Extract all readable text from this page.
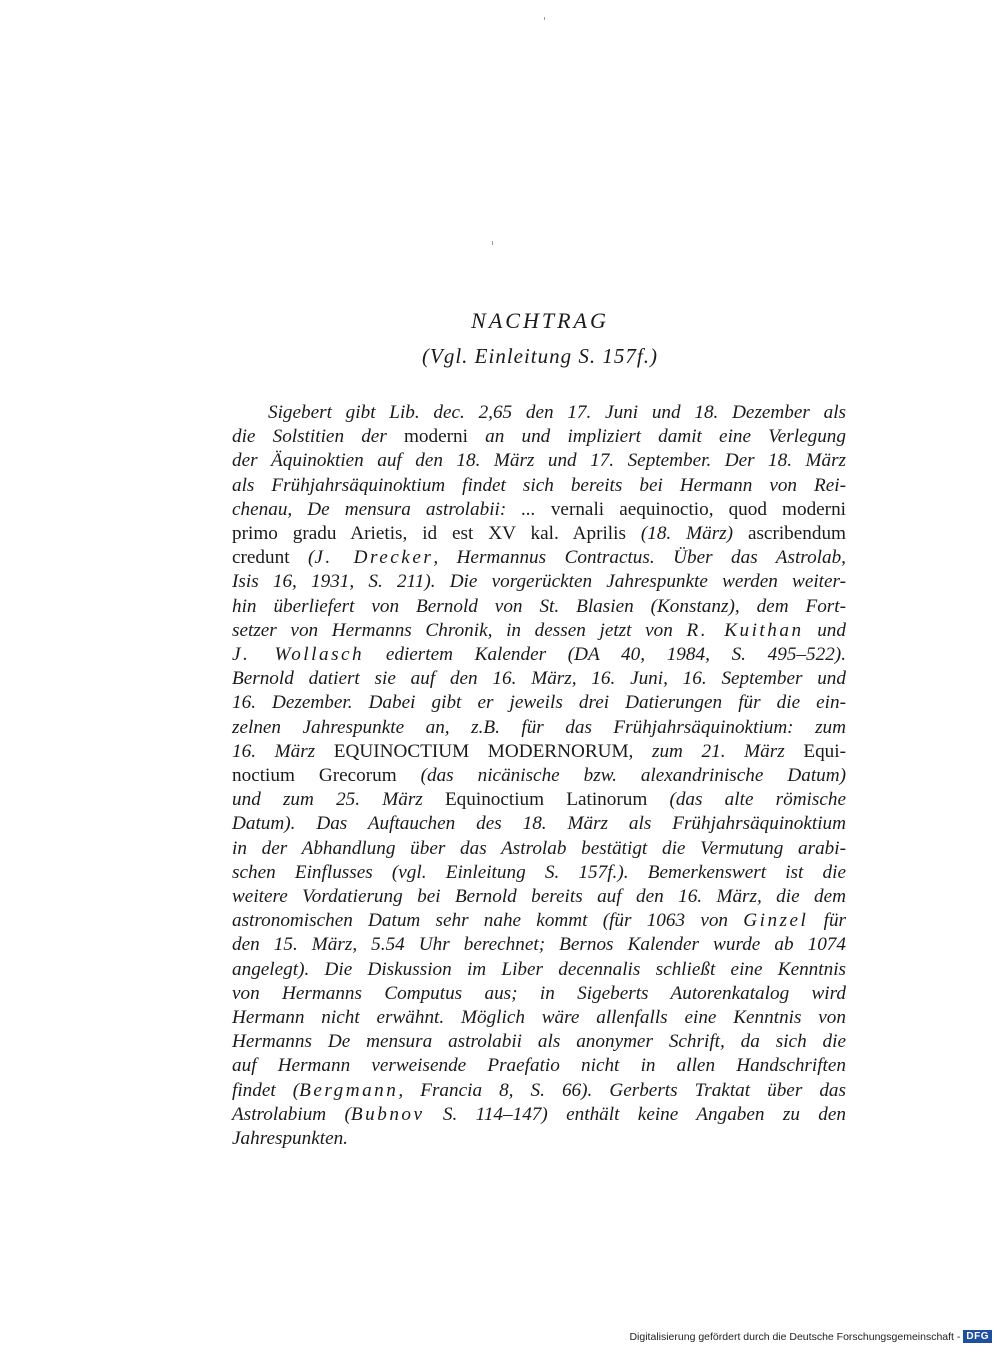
NACHTRAG
(Vgl. Einleitung S. 157f.)
Sigebert gibt Lib. dec. 2,65 den 17. Juni und 18. Dezember als
die Solstitien der moderni an und impliziert damit eine Verlegung
der Äquinoktien auf den 18. März und 17. September. Der 18. März
als Frühjahrsäquinoktium findet sich bereits bei Hermann von Rei-
chenau, De mensura astrolabii: ... vernali aequinoctio, quod moderni
primo gradu Arietis, id est XV kal. Aprilis (18. März) ascribendum
credunt (J. Drecker, Hermannus Contractus. Über das Astrolab,
Isis 16, 1931, S. 211). Die vorgerückten Jahrespunkte werden weiter-
hin überliefert von Bernold von St. Blasien (Konstanz), dem Fort-
setzer von Hermanns Chronik, in dessen jetzt von R. Kuithan und
J. Wollasch ediertem Kalender (DA 40, 1984, S. 495–522).
Bernold datiert sie auf den 16. März, 16. Juni, 16. September und
16. Dezember. Dabei gibt er jeweils drei Datierungen für die ein-
zelnen Jahrespunkte an, z.B. für das Frühjahrsäquinoktium: zum
16. März EQUINOCTIUM MODERNORUM, zum 21. März Equi-
noctium Grecorum (das nicänische bzw. alexandrinische Datum)
und zum 25. März Equinoctium Latinorum (das alte römische
Datum). Das Auftauchen des 18. März als Frühjahrsäquinoktium
in der Abhandlung über das Astrolab bestätigt die Vermutung arabi-
schen Einflusses (vgl. Einleitung S. 157f.). Bemerkenswert ist die
weitere Vordatierung bei Bernold bereits auf den 16. März, die dem
astronomischen Datum sehr nahe kommt (für 1063 von Ginzel für
den 15. März, 5.54 Uhr berechnet; Bernos Kalender wurde ab 1074
angelegt). Die Diskussion im Liber decennalis schließt eine Kenntnis
von Hermanns Computus aus; in Sigeberts Autorenkatalog wird
Hermann nicht erwähnt. Möglich wäre allenfalls eine Kenntnis von
Hermanns De mensura astrolabii als anonymer Schrift, da sich die
auf Hermann verweisende Praefatio nicht in allen Handschriften
findet (Bergmann, Francia 8, S. 66). Gerberts Traktat über das
Astrolabium (Bubnov S. 114–147) enthält keine Angaben zu den
Jahrespunkten.
Digitalisierung gefördert durch die Deutsche Forschungsgemeinschaft - DFG
